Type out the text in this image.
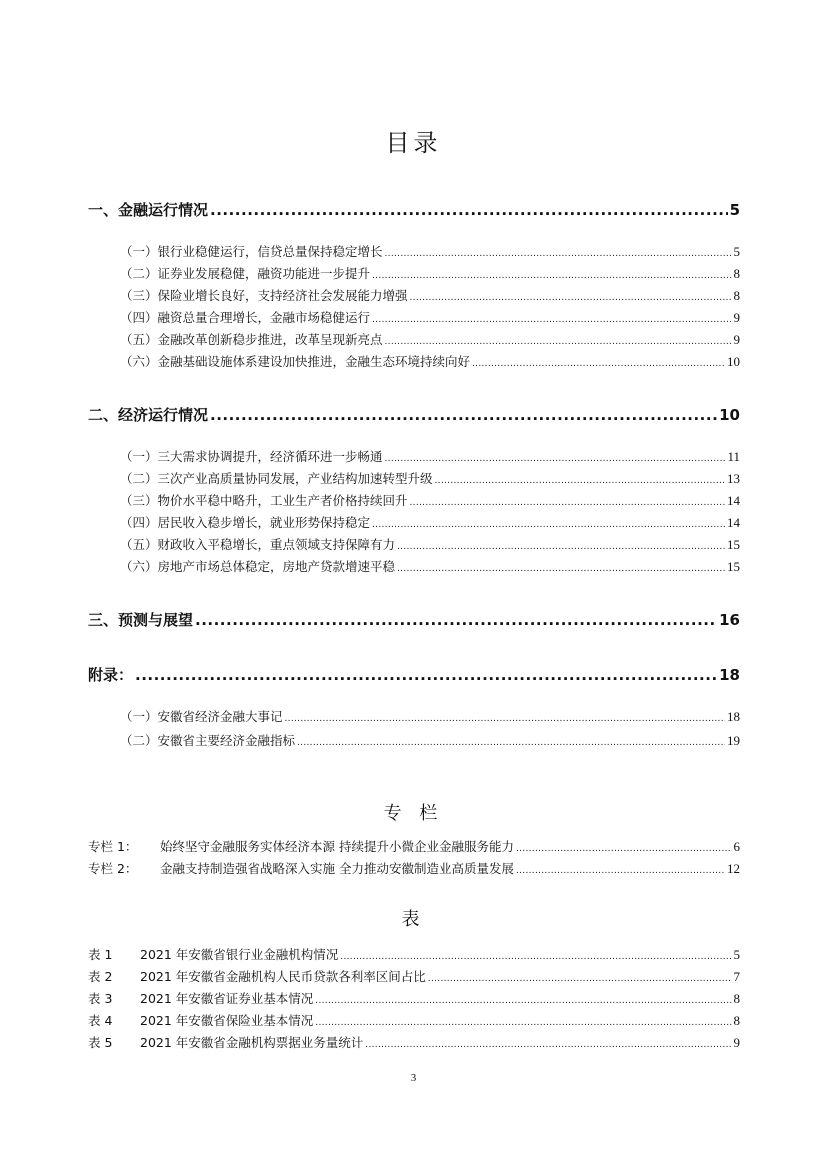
目录
一、金融运行情况 .....	5
（一）银行业稳健运行，信贷总量保持稳定增长 .....	5
（二）证券业发展稳健，融资功能进一步提升 .....	8
（三）保险业增长良好，支持经济社会发展能力增强 .....	8
（四）融资总量合理增长，金融市场稳健运行 .....	9
（五）金融改革创新稳步推进，改革呈现新亮点 .....	9
（六）金融基础设施体系建设加快推进，金融生态环境持续向好 .....	10
二、经济运行情况 .....	10
（一）三大需求协调提升，经济循环进一步畅通 .....	11
（二）三次产业高质量协同发展，产业结构加速转型升级 .....	13
（三）物价水平稳中略升，工业生产者价格持续回升 .....	14
（四）居民收入稳步增长，就业形势保持稳定 .....	14
（五）财政收入平稳增长，重点领域支持保障有力 .....	15
（六）房地产市场总体稳定，房地产贷款增速平稳 .....	15
三、预测与展望 .....	16
附录： .....	18
（一）安徽省经济金融大事记 .....	18
（二）安徽省主要经济金融指标 .....	19
专 栏
专栏 1：	始终坚守金融服务实体经济本源 持续提升小微企业金融服务能力 .....	6
专栏 2：	金融支持制造强省战略深入实施 全力推动安徽制造业高质量发展 .....	12
表
表 1	2021 年安徽省银行业金融机构情况 .....	5
表 2	2021 年安徽省金融机构人民币贷款各利率区间占比 .....	7
表 3	2021 年安徽省证券业基本情况 .....	8
表 4	2021 年安徽省保险业基本情况 .....	8
表 5	2021 年安徽省金融机构票据业务量统计 .....	9
3
